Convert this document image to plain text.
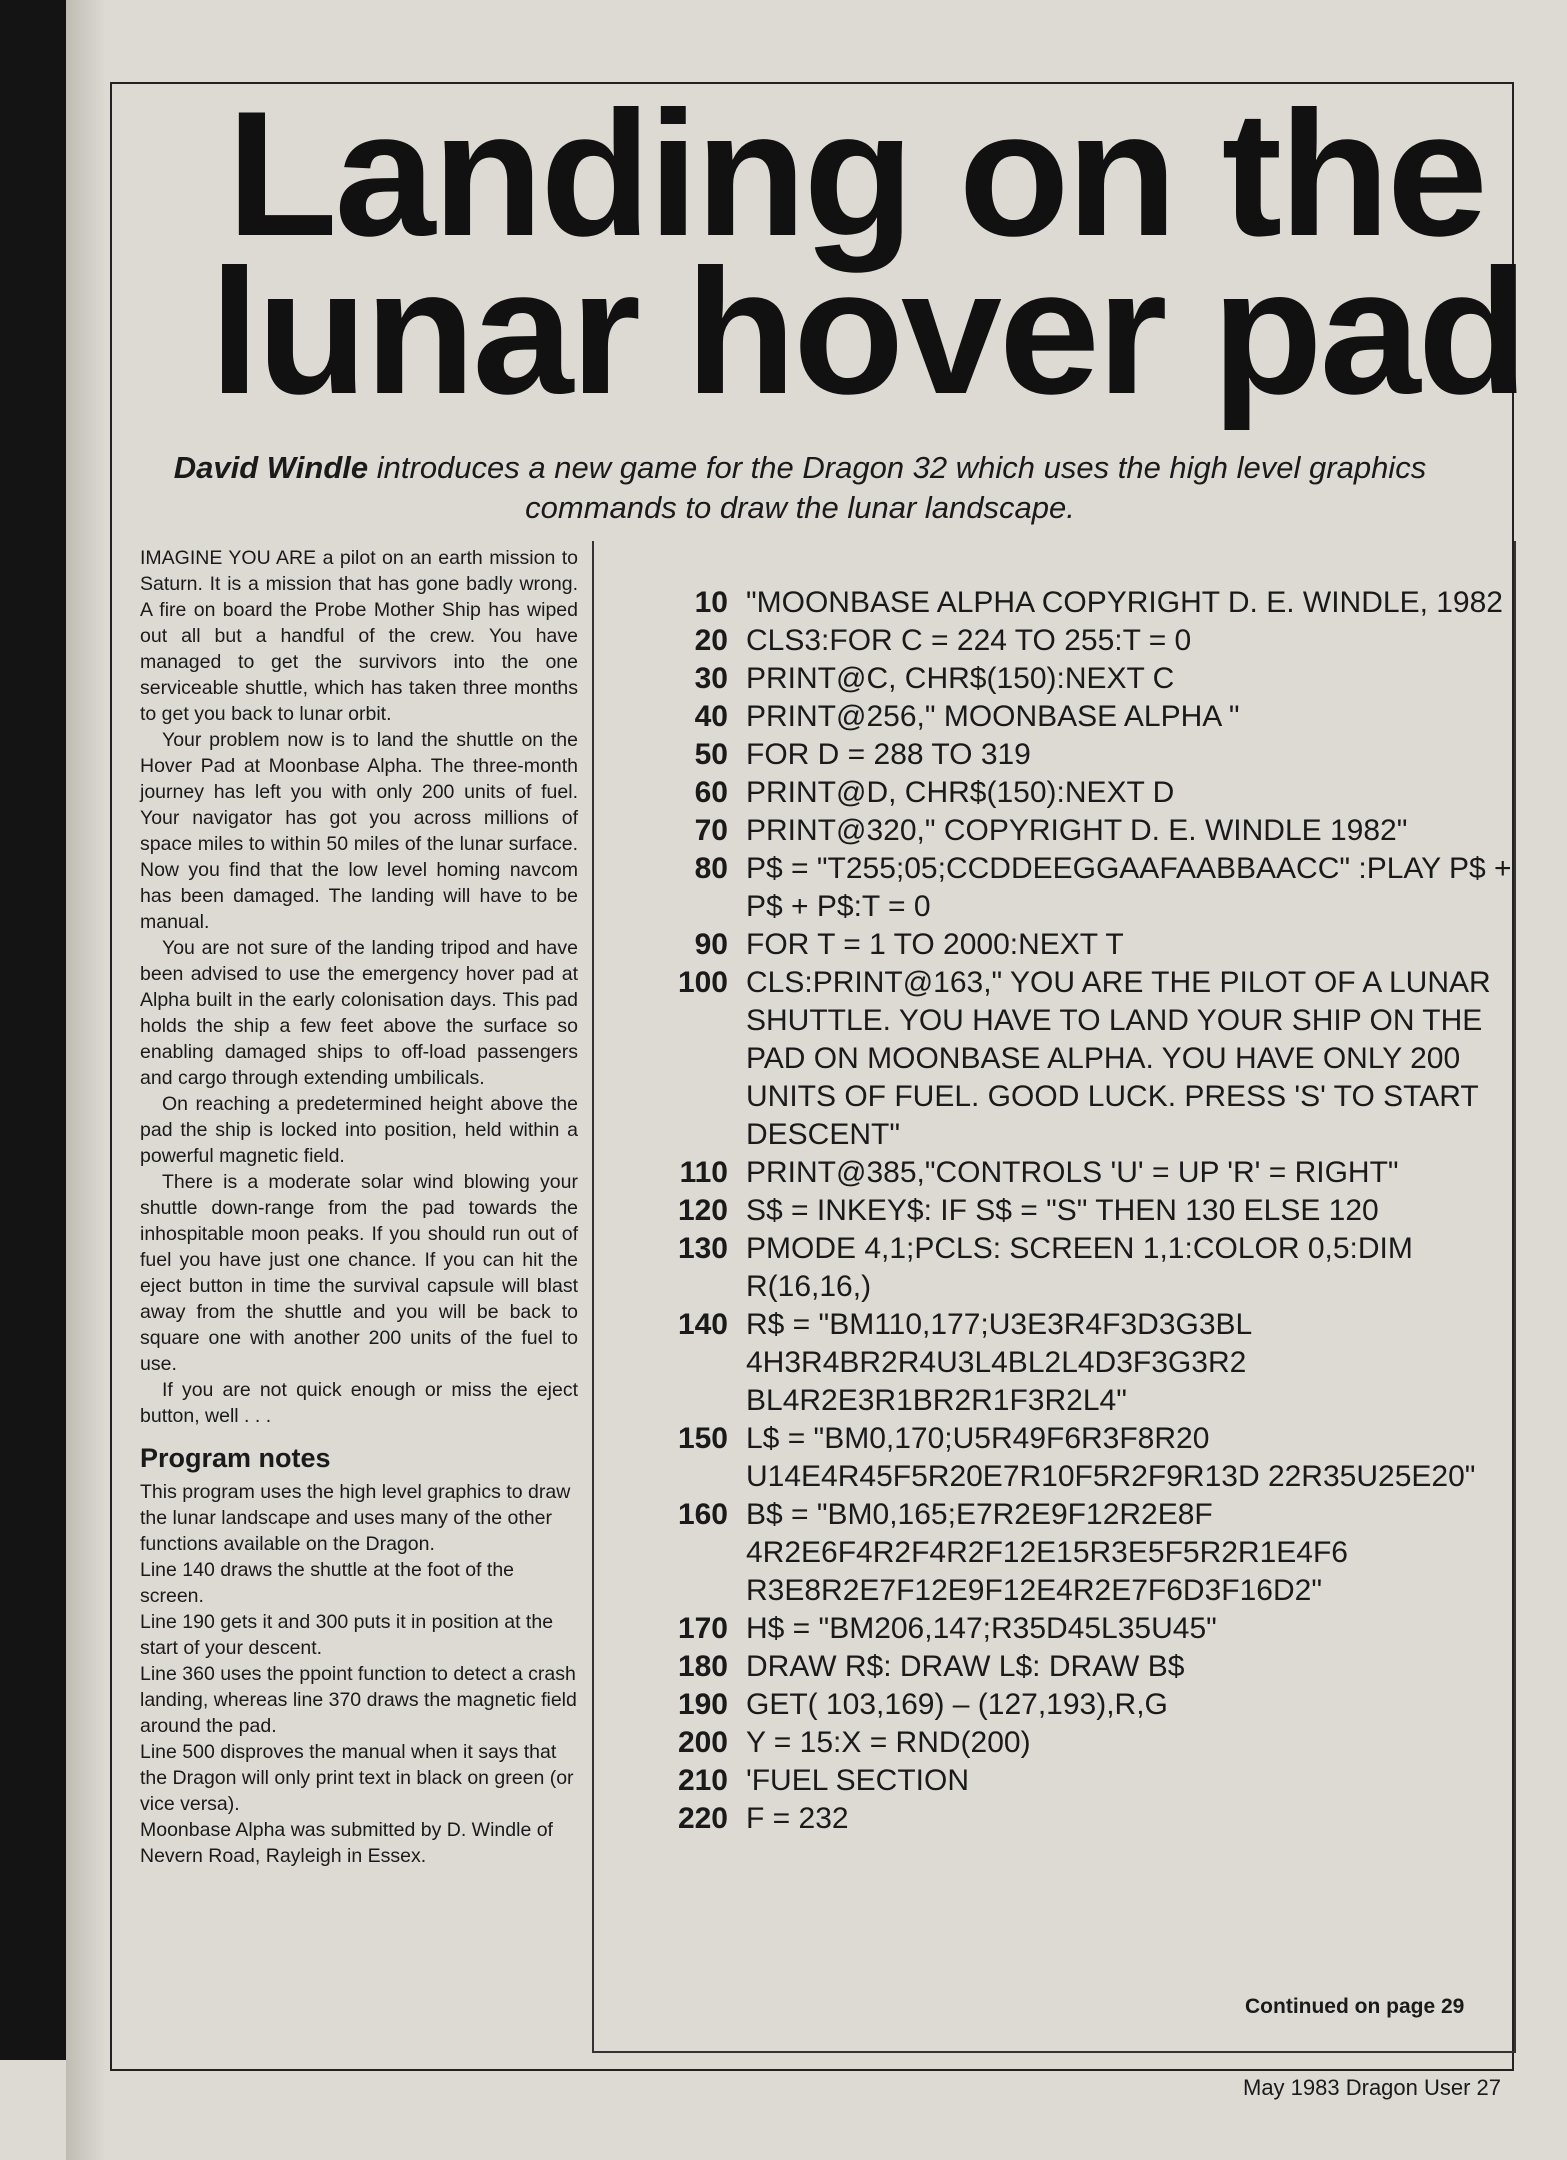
Landing on the
lunar hover pad

David Windle introduces a new game for the Dragon 32 which uses the high level graphics commands to draw the lunar landscape.

IMAGINE YOU ARE a pilot on an earth mission to Saturn. It is a mission that has gone badly wrong. A fire on board the Probe Mother Ship has wiped out all but a handful of the crew. You have managed to get the survivors into the one serviceable shuttle, which has taken three months to get you back to lunar orbit.

Your problem now is to land the shuttle on the Hover Pad at Moonbase Alpha. The three-month journey has left you with only 200 units of fuel. Your navigator has got you across millions of space miles to within 50 miles of the lunar surface. Now you find that the low level homing navcom has been damaged. The landing will have to be manual.

You are not sure of the landing tripod and have been advised to use the emergency hover pad at Alpha built in the early colonisation days. This pad holds the ship a few feet above the surface so enabling damaged ships to off-load passengers and cargo through extending umbilicals.

On reaching a predetermined height above the pad the ship is locked into position, held within a powerful magnetic field.

There is a moderate solar wind blowing your shuttle down-range from the pad towards the inhospitable moon peaks. If you should run out of fuel you have just one chance. If you can hit the eject button in time the survival capsule will blast away from the shuttle and you will be back to square one with another 200 units of the fuel to use.

If you are not quick enough or miss the eject button, well . . .

Program notes

This program uses the high level graphics to draw the lunar landscape and uses many of the other functions available on the Dragon.

Line 140 draws the shuttle at the foot of the screen.

Line 190 gets it and 300 puts it in position at the start of your descent.

Line 360 uses the ppoint function to detect a crash landing, whereas line 370 draws the magnetic field around the pad.

Line 500 disproves the manual when it says that the Dragon will only print text in black on green (or vice versa).

Moonbase Alpha was submitted by D. Windle of Nevern Road, Rayleigh in Essex.

10 "MOONBASE ALPHA COPYRIGHT D. E. WINDLE, 1982
20 CLS3:FOR C = 224 TO 255:T = 0
30 PRINT@C, CHR$(150):NEXT C
40 PRINT@256," MOONBASE ALPHA "
50 FOR D = 288 TO 319
60 PRINT@D, CHR$(150):NEXT D
70 PRINT@320," COPYRIGHT D. E. WINDLE 1982"
80 P$ = "T255;05;CCDDEEGGAAFAABBAACC" :PLAY P$ + P$ + P$:T = 0
90 FOR T = 1 TO 2000:NEXT T
100 CLS:PRINT@163," YOU ARE THE PILOT OF A LUNAR SHUTTLE. YOU HAVE TO LAND YOUR SHIP ON THE PAD ON MOONBASE ALPHA. YOU HAVE ONLY 200 UNITS OF FUEL. GOOD LUCK. PRESS 'S' TO START DESCENT"
110 PRINT@385,"CONTROLS 'U' = UP 'R' = RIGHT"
120 S$ = INKEY$: IF S$ = "S" THEN 130 ELSE 120
130 PMODE 4,1;PCLS: SCREEN 1,1:COLOR 0,5:DIM R(16,16,)
140 R$ = "BM110,177;U3E3R4F3D3G3BL 4H3R4BR2R4U3L4BL2L4D3F3G3R2 BL4R2E3R1BR2R1F3R2L4"
150 L$ = "BM0,170;U5R49F6R3F8R20 U14E4R45F5R20E7R10F5R2F9R13D 22R35U25E20"
160 B$ = "BM0,165;E7R2E9F12R2E8F 4R2E6F4R2F4R2F12E15R3E5F5R2R1E4F6 R3E8R2E7F12E9F12E4R2E7F6D3F16D2"
170 H$ = "BM206,147;R35D45L35U45"
180 DRAW R$: DRAW L$: DRAW B$
190 GET( 103,169) – (127,193),R,G
200 Y = 15:X = RND(200)
210 'FUEL SECTION
220 F = 232
Continued on page 29
May 1983 Dragon User 27
